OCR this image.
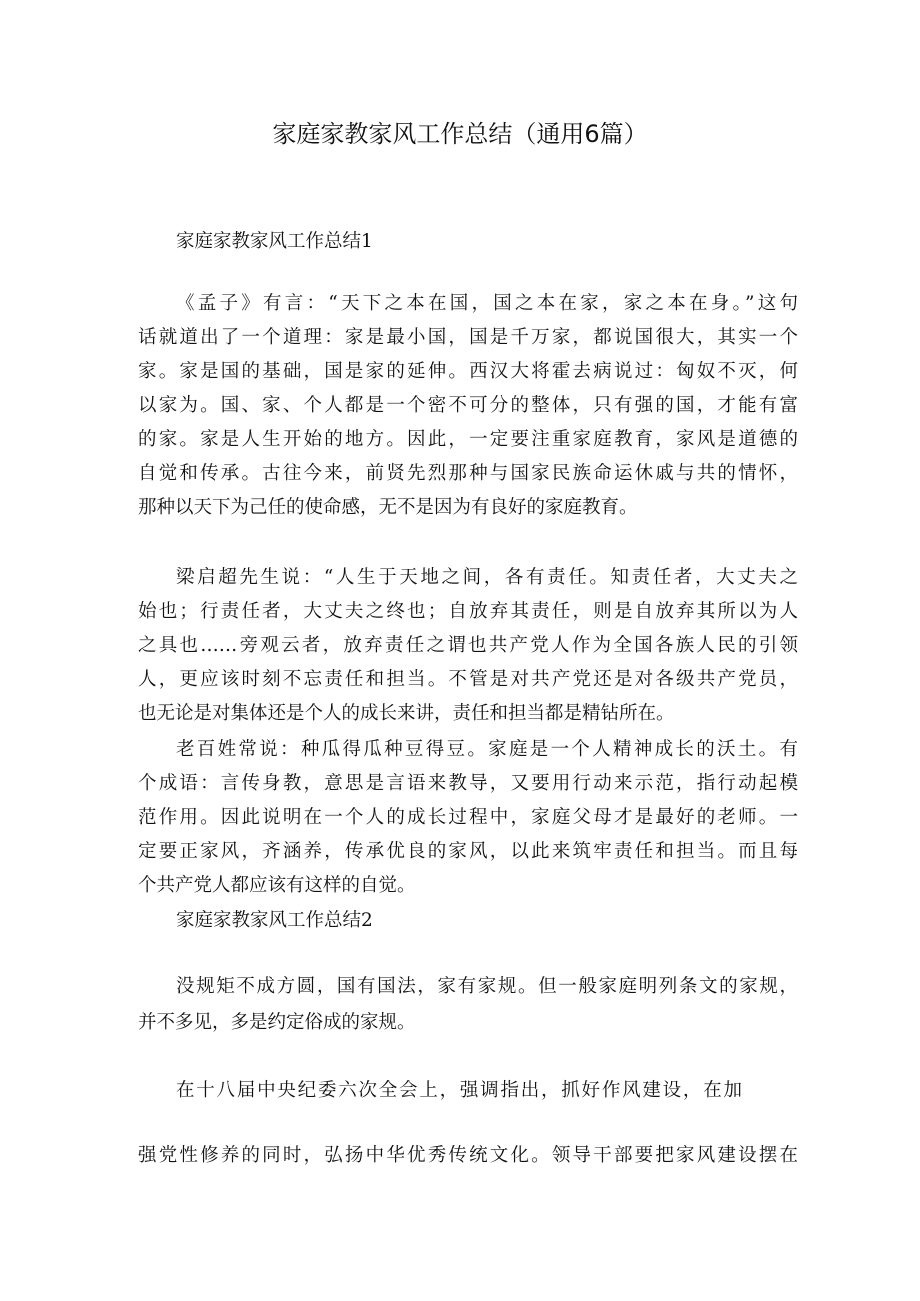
家庭家教家风工作总结（通用6篇）

家庭家教家风工作总结1

《孟子》有言：“天下之本在国，国之本在家，家之本在身。”这句

话就道出了一个道理：家是最小国，国是千万家，都说国很大，其实一个

家。家是国的基础，国是家的延伸。西汉大将霍去病说过：匈奴不灭，何

以家为。国、家、个人都是一个密不可分的整体，只有强的国，才能有富

的家。家是人生开始的地方。因此，一定要注重家庭教育，家风是道德的

自觉和传承。古往今来，前贤先烈那种与国家民族命运休戚与共的情怀，

那种以天下为己任的使命感，无不是因为有良好的家庭教育。

梁启超先生说：“人生于天地之间，各有责任。知责任者，大丈夫之

始也；行责任者，大丈夫之终也；自放弃其责任，则是自放弃其所以为人

之具也……旁观云者，放弃责任之谓也共产党人作为全国各族人民的引领

人，更应该时刻不忘责任和担当。不管是对共产党还是对各级共产党员，

也无论是对集体还是个人的成长来讲，责任和担当都是精钻所在。

老百姓常说：种瓜得瓜种豆得豆。家庭是一个人精神成长的沃土。有

个成语：言传身教，意思是言语来教导，又要用行动来示范，指行动起模

范作用。因此说明在一个人的成长过程中，家庭父母才是最好的老师。一

定要正家风，齐涵养，传承优良的家风，以此来筑牢责任和担当。而且每

个共产党人都应该有这样的自觉。

家庭家教家风工作总结2

没规矩不成方圆，国有国法，家有家规。但一般家庭明列条文的家规，

并不多见，多是约定俗成的家规。

在十八届中央纪委六次全会上，强调指出，抓好作风建设，在加

强党性修养的同时，弘扬中华优秀传统文化。领导干部要把家风建设摆在
